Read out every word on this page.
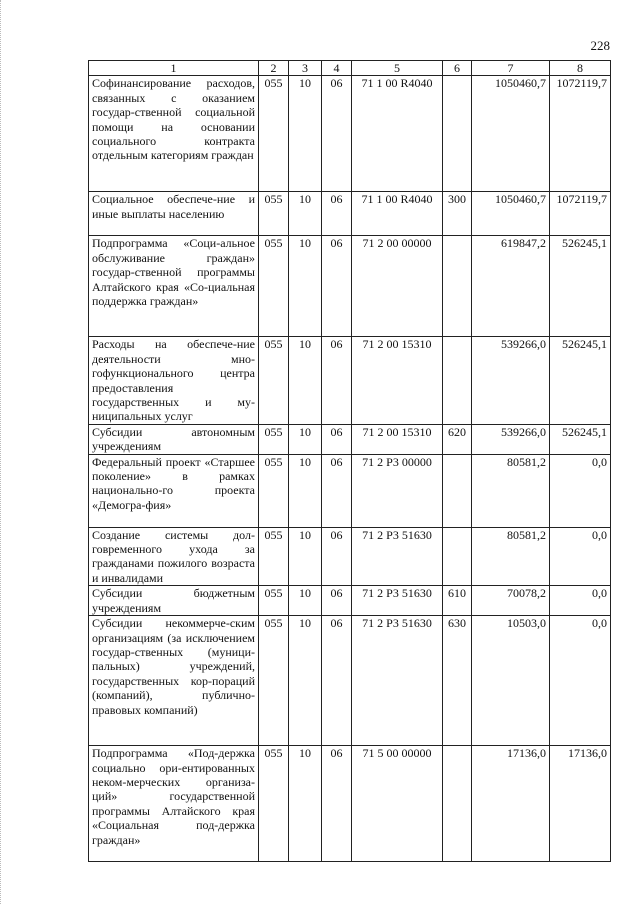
228
1	2	3	4	5	6	7	8
Софинансирование расходов, связанных с оказанием государ-ственной социальной помощи на основании социального контракта отдельным категориям граждан	055	10	06	71 1 00 R4040		1050460,7	1072119,7
Социальное обеспече-ние и иные выплаты населению	055	10	06	71 1 00 R4040	300	1050460,7	1072119,7
Подпрограмма «Соци-альное обслуживание граждан» государ-ственной программы Алтайского края «Со-циальная поддержка граждан»	055	10	06	71 2 00 00000		619847,2	526245,1
Расходы на обеспече-ние деятельности мно-гофункционального центра предоставления государственных и му-ниципальных услуг	055	10	06	71 2 00 15310		539266,0	526245,1
Субсидии автономным учреждениям	055	10	06	71 2 00 15310	620	539266,0	526245,1
Федеральный проект «Старшее поколение» в рамках национально-го проекта «Демогра-фия»	055	10	06	71 2 P3 00000		80581,2	0,0
Создание системы дол-говременного ухода за гражданами пожилого возраста и инвалидами	055	10	06	71 2 P3 51630		80581,2	0,0
Субсидии бюджетным учреждениям	055	10	06	71 2 P3 51630	610	70078,2	0,0
Субсидии некоммерче-ским организациям (за исключением государ-ственных (муници-пальных) учреждений, государственных кор-пораций (компаний), публично-правовых компаний)	055	10	06	71 2 P3 51630	630	10503,0	0,0
Подпрограмма «Под-держка социально ори-ентированных неком-мерческих организа-ций» государственной программы Алтайского края «Социальная под-держка граждан»	055	10	06	71 5 00 00000		17136,0	17136,0
